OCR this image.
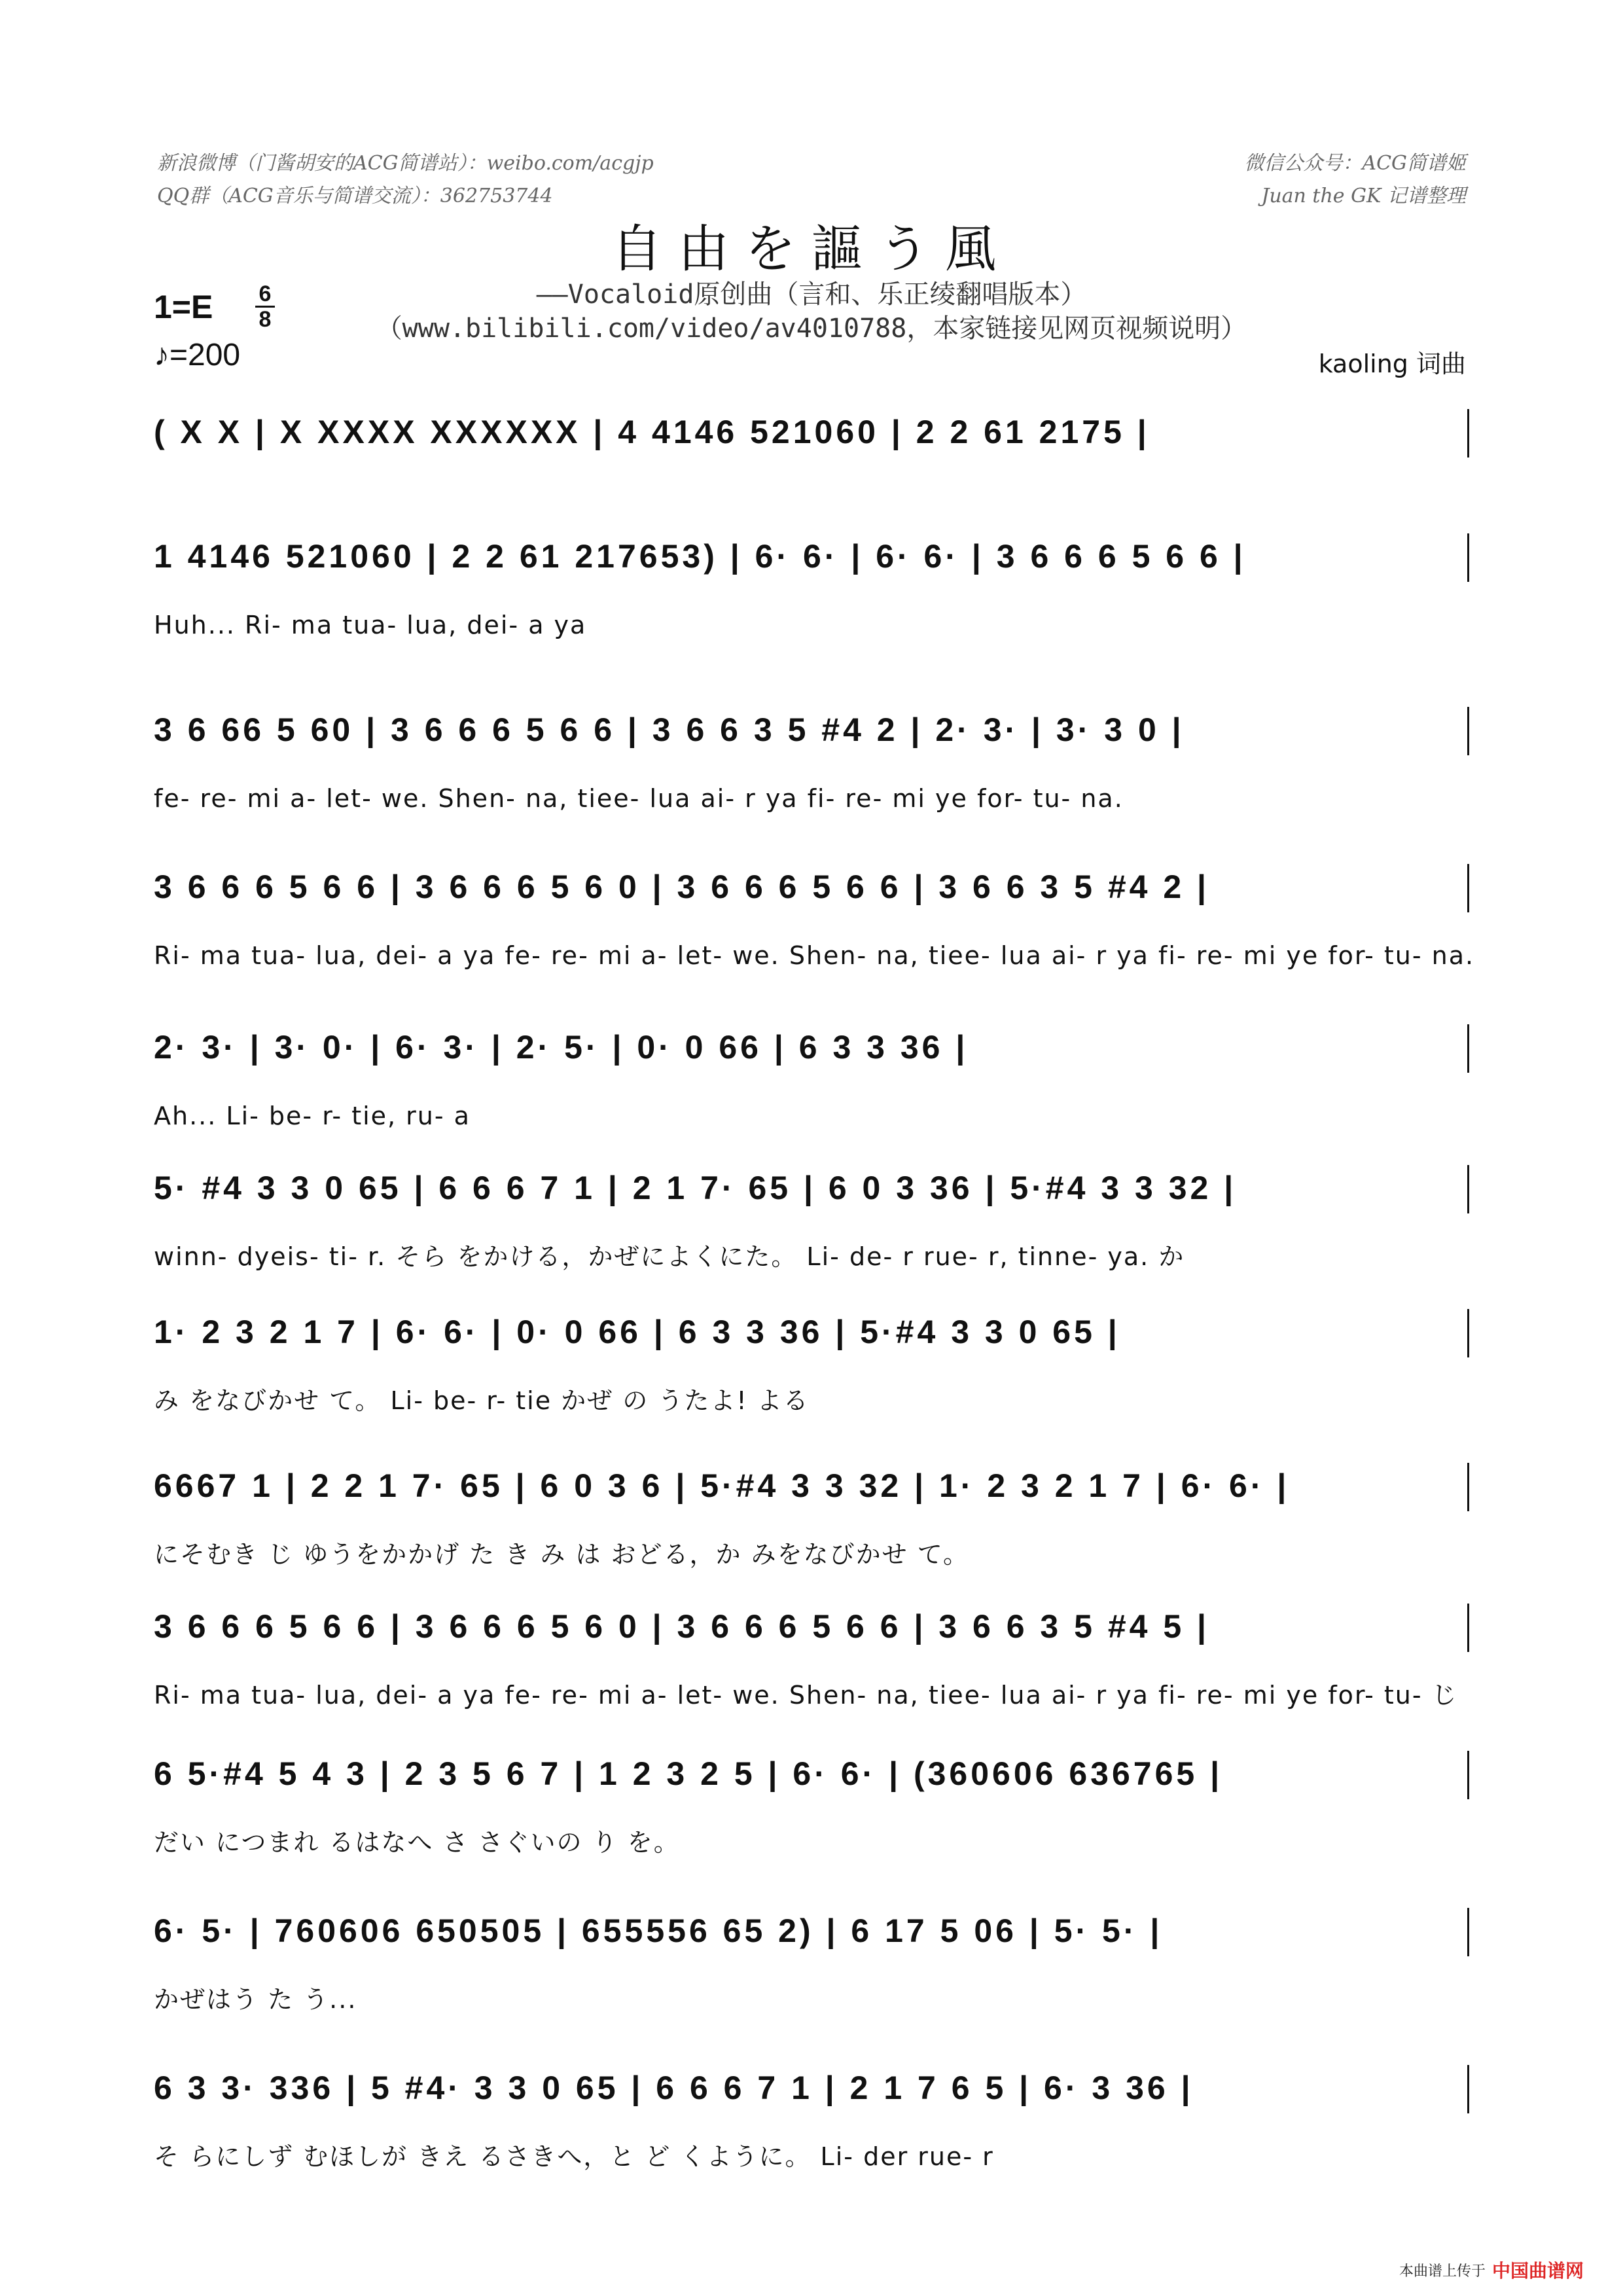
新浪微博（门酱胡安的ACG简谱站）：weibo.com/acgjp
QQ群（ACG音乐与简谱交流）：362753744
微信公众号：ACG简谱姬
Juan the GK 记谱整理
自由を謳う風
——Vocaloid原创曲（言和、乐正绫翻唱版本）
（www.bilibili.com/video/av4010788，本家链接见网页视频说明）
1=E 6
8
♪=200	kaoling 词曲
( X X | X XXXX XXXXXX | 4 4146 521060 | 2 2 61 2175 |
1 4146 521060 | 2 2 61 217653) | 6· 6· | 6· 6· | 3 6 6 6 5 6 6 |
Huh... Ri- ma tua- lua, dei- a ya
3 6 66 5 60 | 3 6 6 6 5 6 6 | 3 6 6 3 5 #4 2 | 2· 3· | 3· 3 0 |
fe- re- mi a- let- we. Shen- na, tiee- lua ai- r ya fi- re- mi ye for- tu- na.
3 6 6 6 5 6 6 | 3 6 6 6 5 6 0 | 3 6 6 6 5 6 6 | 3 6 6 3 5 #4 2 |
Ri- ma tua- lua, dei- a ya fe- re- mi a- let- we. Shen- na, tiee- lua ai- r ya fi- re- mi ye for- tu- na.
2· 3· | 3· 0· | 6· 3· | 2· 5· | 0· 0 66 | 6 3 3 36 |
Ah... Li- be- r- tie, ru- a
5· #4 3 3 0 65 | 6 6 6 7 1 | 2 1 7· 65 | 6 0 3 36 | 5·#4 3 3 32 |
winn- dyeis- ti- r. そら をかける，かぜによくにた。 Li- de- r rue- r, tinne- ya. か
1· 2 3 2 1 7 | 6· 6· | 0· 0 66 | 6 3 3 36 | 5·#4 3 3 0 65 |
み をなびかせ て。 Li- be- r- tie かぜ の うたよ! よる
6667 1 | 2 2 1 7· 65 | 6 0 3 6 | 5·#4 3 3 32 | 1· 2 3 2 1 7 | 6· 6· |
にそむき じ ゆうをかかげ た き み は おどる，か みをなびかせ て。
3 6 6 6 5 6 6 | 3 6 6 6 5 6 0 | 3 6 6 6 5 6 6 | 3 6 6 3 5 #4 5 |
Ri- ma tua- lua, dei- a ya fe- re- mi a- let- we. Shen- na, tiee- lua ai- r ya fi- re- mi ye for- tu- じ
6 5·#4 5 4 3 | 2 3 5 6 7 | 1 2 3 2 5 | 6· 6· | (360606 636765 |
だい につまれ るはなへ さ さぐいの り を。
6· 5· | 760606 650505 | 655556 65 2) | 6 17 5 06 | 5· 5· |
かぜはう た う...
6 3 3· 336 | 5 #4· 3 3 0 65 | 6 6 6 7 1 | 2 1 7 6 5 | 6· 3 36 |
そ らにしず むほしが きえ るさきへ，と ど くように。 Li- der rue- r
本曲谱上传于 中国曲谱网
